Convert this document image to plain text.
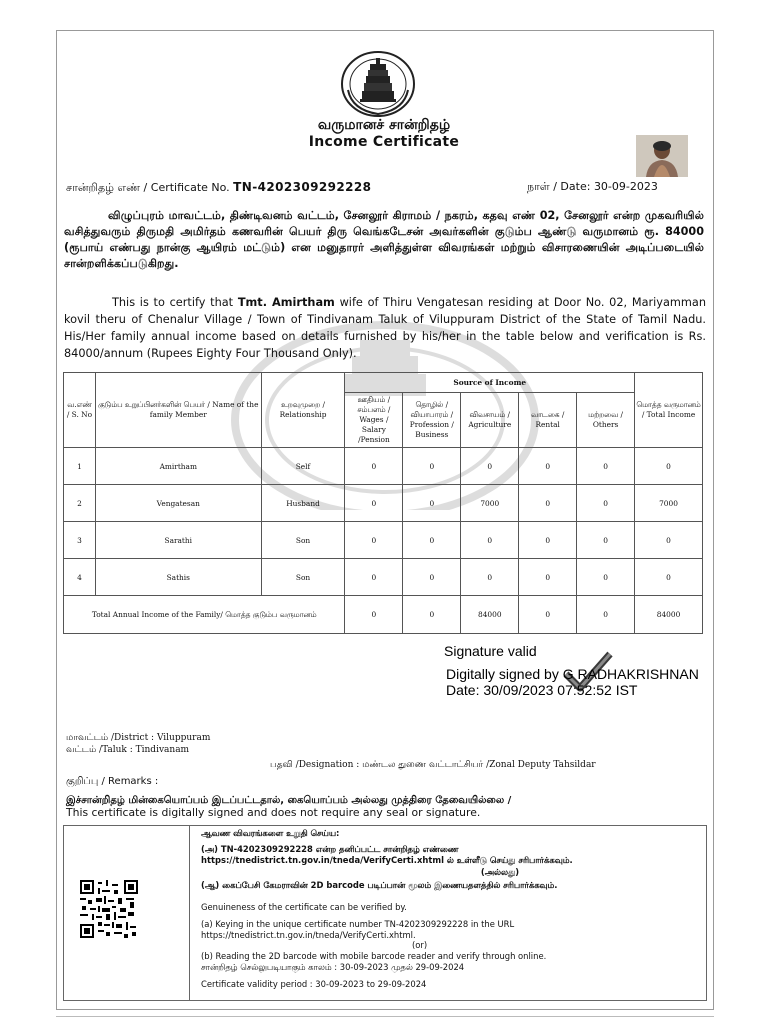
வருமானச் சான்றிதழ்
Income Certificate
சான்றிதழ் எண் / Certificate No. TN-4202309292228	நாள் / Date: 30-09-2023
விழுப்புரம் மாவட்டம், திண்டிவனம் வட்டம், சேனலூர் கிராமம் / நகரம், கதவு எண் 02, சேனலூர் என்ற முகவரியில் வசித்துவரும் திருமதி அமிர்தம் கணவரின் பெயர் திரு வெங்கடேசன் அவர்களின் குடும்ப ஆண்டு வருமானம் ரூ. 84000 (ரூபாய் எண்பது நான்கு ஆயிரம் மட்டும்) என மனுதாரர் அளித்துள்ள விவரங்கள் மற்றும் விசாரணையின் அடிப்படையில் சான்றளிக்கப்படுகிறது.
This is to certify that Tmt. Amirtham wife of Thiru Vengatesan residing at Door No. 02, Mariyamman kovil theru of Chenalur Village / Town of Tindivanam Taluk of Viluppuram District of the State of Tamil Nadu. His/Her family annual income based on details furnished by his/her in the table below and verification is Rs. 84000/annum (Rupees Eighty Four Thousand Only).
வ.எண் / S. No	குடும்ப உறுப்பினர்களின் பெயர் / Name of the family Member	உறவுமுறை / Relationship	Source of Income					மொத்த வருமானம் / Total Income
			ஊதியம் / சம்பளம் / Wages / Salary /Pension	தொழில் / வியாபாரம் / Profession / Business	விவசாயம் / Agriculture	வாடகை / Rental	மற்றவை / Others	
1	Amirtham	Self	0	0	0	0	0	0
2	Vengatesan	Husband	0	0	7000	0	0	7000
3	Sarathi	Son	0	0	0	0	0	0
4	Sathis	Son	0	0	0	0	0	0
Total Annual Income of the Family/ மொத்த குடும்ப வருமானம்			0	0	84000	0	0	84000
Signature valid
Digitally signed by G RADHAKRISHNAN
Date: 30/09/2023 07:52:52 IST
மாவட்டம் /District : Viluppuram
வட்டம் /Taluk : Tindivanam
பதவி /Designation : மண்டல துணை வட்டாட்சியர் /Zonal Deputy Tahsildar
குறிப்பு / Remarks :
இச்சான்றிதழ் மின்கையொப்பம் இடப்பட்டதால், கையொப்பம் அல்லது முத்திரை தேவையில்லை /
This certificate is digitally signed and does not require any seal or signature.
ஆவண விவரங்களை உறுதி செய்ய:
(அ) TN-4202309292228 என்ற தனிப்பட்ட சான்றிதழ் எண்ணை https://tnedistrict.tn.gov.in/tneda/VerifyCerti.xhtml ல் உள்ளீடு செய்து சரிபார்க்கவும்.
(அல்லது)
(ஆ) கைப்பேசி கேமராவின் 2D barcode படிப்பான் மூலம் இணையதளத்தில் சரிபார்க்கவும்.
Genuineness of the certificate can be verified by.
(a) Keying in the unique certificate number TN-4202309292228 in the URL https://tnedistrict.tn.gov.in/tneda/VerifyCerti.xhtml.
(or)
(b) Reading the 2D barcode with mobile barcode reader and verify through online.
சான்றிதழ் செல்லுபடியாகும் காலம் : 30-09-2023 முதல் 29-09-2024
Certificate validity period : 30-09-2023 to 29-09-2024
